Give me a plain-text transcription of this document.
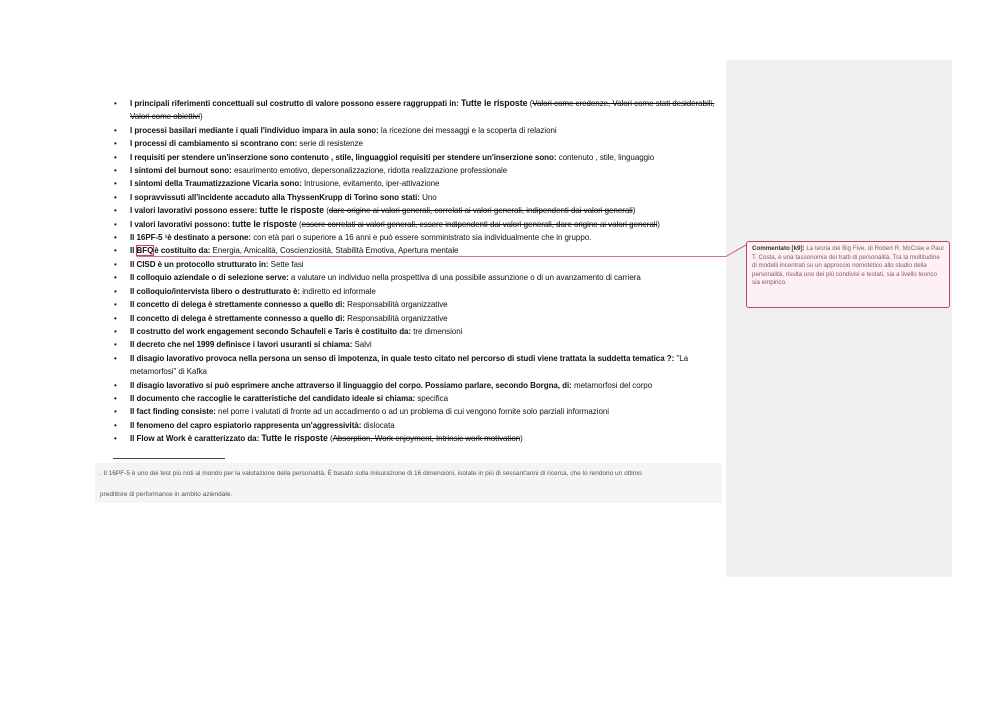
• I principali riferimenti concettuali sul costrutto di valore possono essere raggruppati in: Tutte le risposte (Valori come credenze, Valori come stati desiderabili, Valori come obiettivi)
• I processi basilari mediante i quali l'individuo impara in aula sono: la ricezione dei messaggi e la scoperta di relazioni
• I processi di cambiamento si scontrano con: serie di resistenze
• I requisiti per stendere un'inserzione sono contenuto , stile, linguaggioI requisiti per stendere un'inserzione sono: contenuto , stile, linguaggio
• I sintomi del burnout sono: esaurimento emotivo, depersonalizzazione, ridotta realizzazione professionale
• I sintomi della Traumatizzazione Vicaria sono: Intrusione, evitamento, iper-attivazione
• I sopravvissuti all'incidente accaduto alla ThyssenKrupp di Torino sono stati: Uno
• I valori lavorativi possono essere: tutte le risposte (dare origine ai valori generali, correlati ai valori generali, indipendenti dai valori generali)
• I valori lavorativi possono: tutte le risposte (essere correlati ai valori generali, essere indipendenti dai valori generali, dare origine ai valori generali)
• Il 16PF-5 ¹è destinato a persone: con età pari o superiore a 16 anni e può essere somministrato sia individualmente che in gruppo.
• Il BFQè costituito da: Energia, Amicalità, Coscienziosità, Stabilità Emotiva, Apertura mentale
• Il CISD è un protocollo strutturato in: Sette fasi
• Il colloquio aziendale o di selezione serve: a valutare un individuo nella prospettiva di una possibile assunzione o di un avanzamento di carriera
• Il colloquio/intervista libero o destrutturato è: indiretto ed informale
• Il concetto di delega è strettamente connesso a quello di: Responsabilità organizzative
• Il concetto di delega è strettamente connesso a quello di: Responsabilità organizzative
• Il costrutto del work engagement secondo Schaufeli e Taris è costituito da: tre dimensioni
• Il decreto che nel 1999 definisce i lavori usuranti si chiama: Salvi
• Il disagio lavorativo provoca nella persona un senso di impotenza, in quale testo citato nel percorso di studi viene trattata la suddetta tematica ?: "La metamorfosi" di Kafka
• Il disagio lavorativo si può esprimere anche attraverso il linguaggio del corpo. Possiamo parlare, secondo Borgna, di: metamorfosi del corpo
• Il documento che raccoglie le caratteristiche del candidato ideale si chiama: specifica
• Il fact finding consiste: nel porre i valutati di fronte ad un accadimento o ad un problema di cui vengono fornite solo parziali informazioni
• Il fenomeno del capro espiatorio rappresenta un'aggressività: dislocata
• Il Flow at Work è caratterizzato da: Tutte le risposte (Absorption, Work enjoyment, Intrinsic work motivation)
. Il 16PF-5 è uno dei test più noti al mondo per la valutazione della personalità. È basato sulla misurazione di 16 dimensioni, isolate in più di sessant'anni di ricerca, che lo rendono un ottimo
predittore di performance in ambito aziendale.
Commentato [k9]: La teoria dei Big Five, di Robert R. McCrae e Paul T. Costa, è una tassonomia dei tratti di personalità. Tra la moltitudine di modelli incentrati su un approccio nomotetico allo studio della personalità, risulta uno dei più condivisi e testati, sia a livello teorico sia empirico.
